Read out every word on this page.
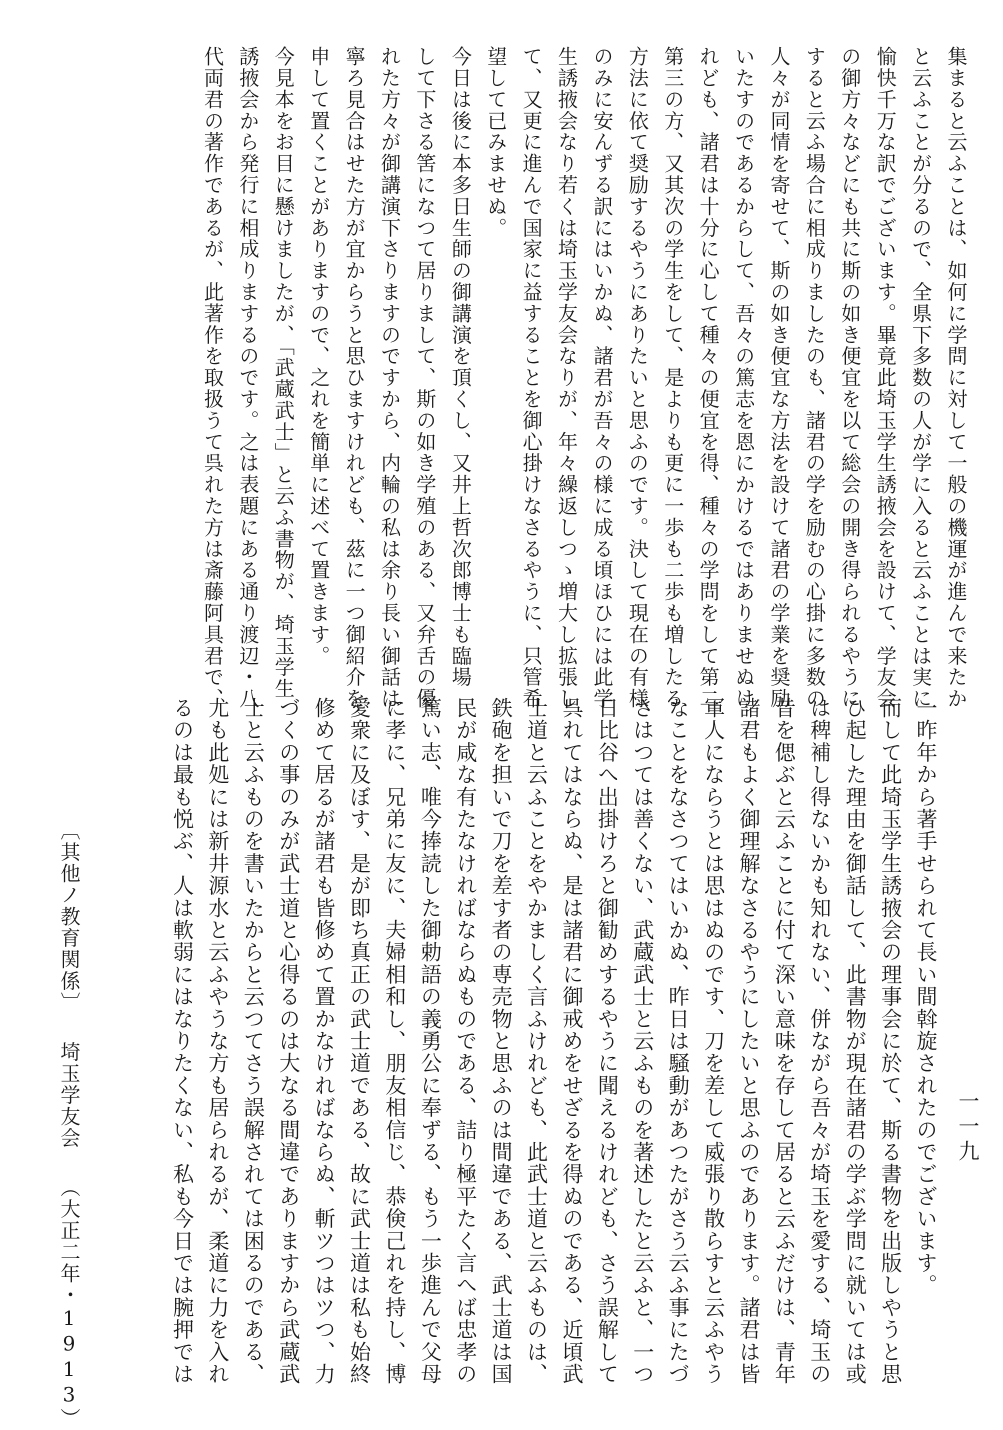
集まると云ふことは、如何に学問に対して一般の機運が進んで来たか
と云ふことが分るので、全県下多数の人が学に入ると云ふことは実に
愉快千万な訳でございます。畢竟此埼玉学生誘掖会を設けて、学友会
の御方々などにも共に斯の如き便宜を以て総会の開き得られるやうに
すると云ふ場合に相成りましたのも、諸君の学を励むの心掛に多数の
人々が同情を寄せて、斯の如き便宜な方法を設けて諸君の学業を奨励
いたすのであるからして、吾々の篤志を恩にかけるではありませぬけ
れども、諸君は十分に心して種々の便宜を得、種々の学問をして第二
第三の方、又其次の学生をして、是よりも更に一歩も二歩も増したる
方法に依て奨励するやうにありたいと思ふのです。決して現在の有様
のみに安んずる訳にはいかぬ、諸君が吾々の様に成る頃ほひには此学
生誘掖会なり若くは埼玉学友会なりが、年々繰返しつゝ増大し拡張し
て、又更に進んで国家に益することを御心掛けなさるやうに、只管希
望して已みませぬ。
今日は後に本多日生師の御講演を頂くし、又井上哲次郎博士も臨場
して下さる筈になつて居りまして、斯の如き学殖のある、又弁舌の優
れた方々が御講演下さりますのですから、内輪の私は余り長い御話は
寧ろ見合はせた方が宜からうと思ひますけれども、茲に一つ御紹介を
申して置くことがありますので、之れを簡単に述べて置きます。
今見本をお目に懸けましたが、「武蔵武士」と云ふ書物が、埼玉学生
誘掖会から発行に相成りまするのです。之は表題にある通り渡辺・八
代両君の著作であるが、此著作を取扱うて呉れた方は斎藤阿具君で、
一昨年から著手せられて長い間斡旋されたのでございます。
而して此埼玉学生誘掖会の理事会に於て、斯る書物を出版しやうと思
ひ起した理由を御話して、此書物が現在諸君の学ぶ学問に就いては或
は稗補し得ないかも知れない、併ながら吾々が埼玉を愛する、埼玉の
昔を偲ぶと云ふことに付て深い意味を存して居ると云ふだけは、青年
諸君もよく御理解なさるやうにしたいと思ふのであります。諸君は皆
軍人にならうとは思はぬのです、刀を差して威張り散らすと云ふやう
なことをなさつてはいかぬ、昨日は騒動があつたがさう云ふ事にたづ
さはつては善くない、武蔵武士と云ふものを著述したと云ふと、一つ
日比谷へ出掛けろと御勧めするやうに聞えるけれども、さう誤解して
呉れてはならぬ、是は諸君に御戒めをせざるを得ぬのである、近頃武
士道と云ふことをやかましく言ふけれども、此武士道と云ふものは、
鉄砲を担いで刀を差す者の専売物と思ふのは間違である、武士道は国
民が咸な有たなければならぬものである、詰り極平たく言へば忠孝の
篤い志、唯今捧読した御勅語の義勇公に奉ずる、もう一歩進んで父母
に孝に、兄弟に友に、夫婦相和し、朋友相信じ、恭倹己れを持し、博
愛衆に及ぼす、是が即ち真正の武士道である、故に武士道は私も始終
修めて居るが諸君も皆修めて置かなければならぬ、斬ツつはツつ、力
づくの事のみが武士道と心得るのは大なる間違でありますから武蔵武
士と云ふものを書いたからと云つてさう誤解されては困るのである、
尤も此処には新井源水と云ふやうな方も居られるが、柔道に力を入れ
るのは最も悦ぶ、人は軟弱にはなりたくない、私も今日では腕押では
〔其他ノ教育関係〕埼玉学友会（大正二年・1913）
一一九
